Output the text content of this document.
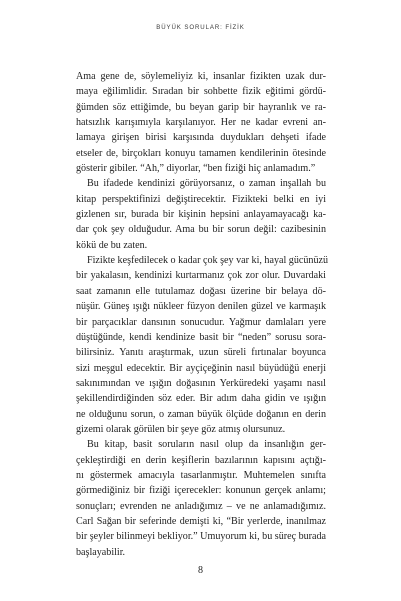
BÜYÜK SORULAR: FİZİK
Ama gene de, söylemeliyiz ki, insanlar fizikten uzak dur-
maya eğilimlidir. Sıradan bir sohbette fizik eğitimi gördü-
ğümden söz ettiğimde, bu beyan garip bir hayranlık ve ra-
hatsızlık karışımıyla karşılanıyor. Her ne kadar evreni an-
lamaya girişen birisi karşısında duydukları dehşeti ifade
etseler de, birçokları konuyu tamamen kendilerinin ötesinde
gösterir gibiler. “Ah,” diyorlar, “ben fiziği hiç anlamadım.”
Bu ifadede kendinizi görüyorsanız, o zaman inşallah bu
kitap perspektifinizi değiştirecektir. Fizikteki belki en iyi
gizlenen sır, burada bir kişinin hepsini anlayamayacağı ka-
dar çok şey olduğudur. Ama bu bir sorun değil: cazibesinin
kökü de bu zaten.
Fizikte keşfedilecek o kadar çok şey var ki, hayal gücünüzü
bir yakalasın, kendinizi kurtarmanız çok zor olur. Duvardaki
saat zamanın elle tutulamaz doğası üzerine bir belaya dö-
nüşür. Güneş ışığı nükleer füzyon denilen güzel ve karmaşık
bir parçacıklar dansının sonucudur. Yağmur damlaları yere
düştüğünde, kendi kendinize basit bir “neden” sorusu sora-
bilirsiniz. Yanıtı araştırmak, uzun süreli fırtınalar boyunca
sizi meşgul edecektir. Bir ayçiçeğinin nasıl büyüdüğü enerji
sakınımından ve ışığın doğasının Yerküredeki yaşamı nasıl
şekillendirdiğinden söz eder. Bir adım daha gidin ve ışığın
ne olduğunu sorun, o zaman büyük ölçüde doğanın en derin
gizemi olarak görülen bir şeye göz atmış olursunuz.
Bu kitap, basit soruların nasıl olup da insanlığın ger-
çekleştirdiği en derin keşiflerin bazılarının kapısını açtığı-
nı göstermek amacıyla tasarlanmıştır. Muhtemelen sınıfta
görmediğiniz bir fiziği içerecekler: konunun gerçek anlamı;
sonuçları; evrenden ne anladığımız – ve ne anlamadığımız.
Carl Sağan bir seferinde demişti ki, “Bir yerlerde, inanılmaz
bir şeyler bilinmeyi bekliyor.” Umuyorum ki, bu süreç burada
başlayabilir.
8
